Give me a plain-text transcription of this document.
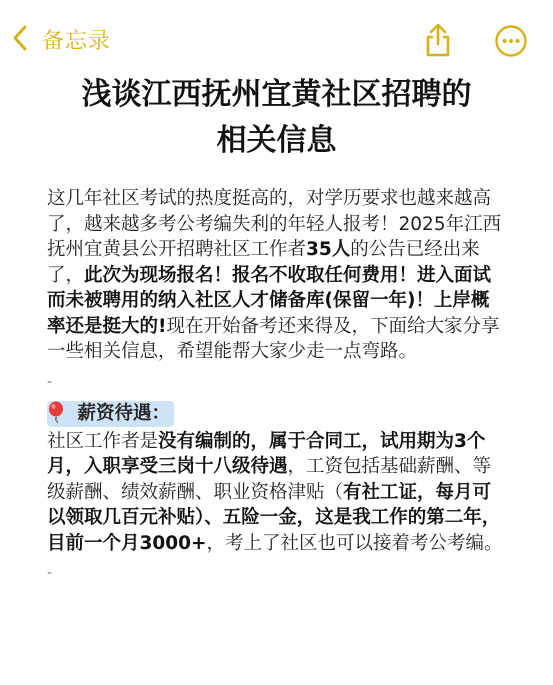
备忘录
浅谈江西抚州宜黄社区招聘的
相关信息

这几年社区考试的热度挺高的，对学历要求也越来越高了，越来越多考公考编失利的年轻人报考！2025年江西抚州宜黄县公开招聘社区工作者35人的公告已经出来了，此次为现场报名！报名不收取任何费用！进入面试而未被聘用的纳入社区人才储备库(保留一年)！上岸概率还是挺大的!现在开始备考还来得及，下面给大家分享一些相关信息，希望能帮大家少走一点弯路。

-
薪资待遇：

社区工作者是没有编制的，属于合同工，试用期为3个月，入职享受三岗十八级待遇，工资包括基础薪酬、等级薪酬、绩效薪酬、职业资格津贴（有社工证，每月可以领取几百元补贴）、五险一金，这是我工作的第二年，目前一个月3000+，考上了社区也可以接着考公考编。

-
